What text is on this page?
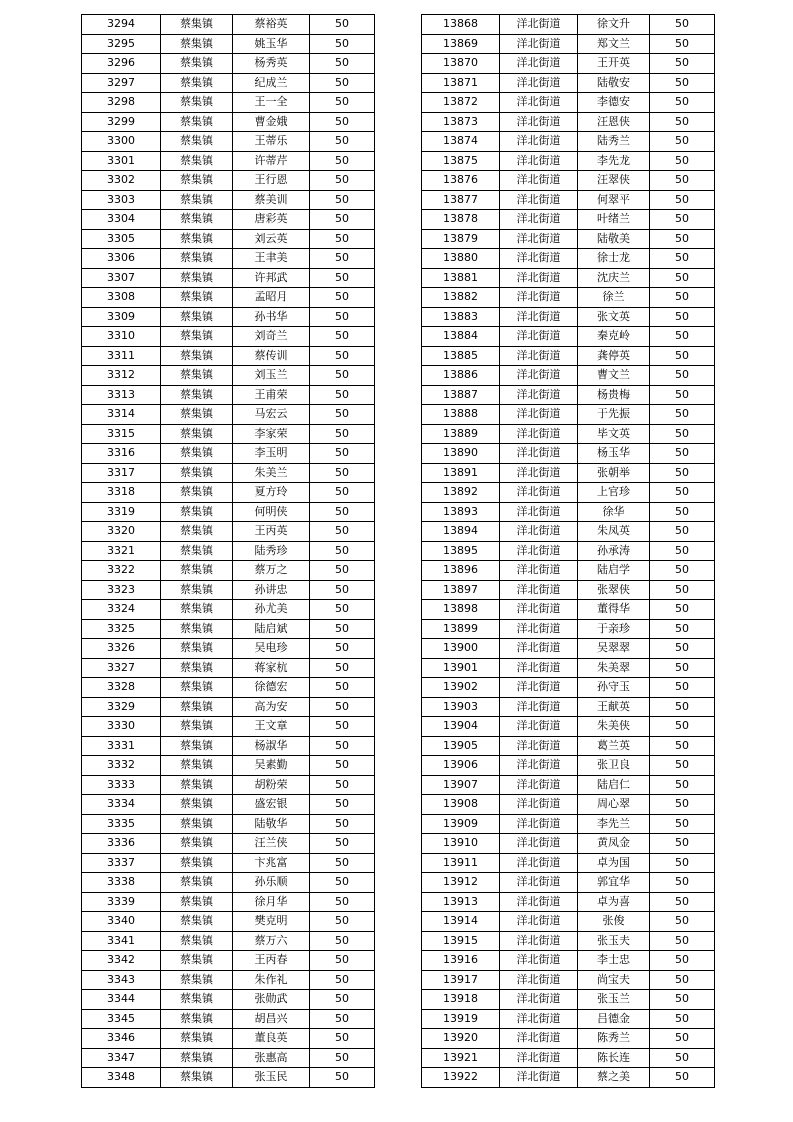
3294	蔡集镇	蔡裕英	50
3295	蔡集镇	姚玉华	50
3296	蔡集镇	杨秀英	50
3297	蔡集镇	纪成兰	50
3298	蔡集镇	王一全	50
3299	蔡集镇	曹金娥	50
3300	蔡集镇	王蒂乐	50
3301	蔡集镇	许蒂芹	50
3302	蔡集镇	王行恩	50
3303	蔡集镇	蔡美训	50
3304	蔡集镇	唐彩英	50
3305	蔡集镇	刘云英	50
3306	蔡集镇	王聿美	50
3307	蔡集镇	许邦武	50
3308	蔡集镇	孟昭月	50
3309	蔡集镇	孙书华	50
3310	蔡集镇	刘奇兰	50
3311	蔡集镇	蔡传训	50
3312	蔡集镇	刘玉兰	50
3313	蔡集镇	王甫荣	50
3314	蔡集镇	马宏云	50
3315	蔡集镇	李家荣	50
3316	蔡集镇	李玉明	50
3317	蔡集镇	朱美兰	50
3318	蔡集镇	夏方玲	50
3319	蔡集镇	何明侠	50
3320	蔡集镇	王丙英	50
3321	蔡集镇	陆秀珍	50
3322	蔡集镇	蔡万之	50
3323	蔡集镇	孙讲忠	50
3324	蔡集镇	孙尤美	50
3325	蔡集镇	陆启斌	50
3326	蔡集镇	吴电珍	50
3327	蔡集镇	蒋家杭	50
3328	蔡集镇	徐德宏	50
3329	蔡集镇	高为安	50
3330	蔡集镇	王文章	50
3331	蔡集镇	杨淑华	50
3332	蔡集镇	吴素勤	50
3333	蔡集镇	胡粉荣	50
3334	蔡集镇	盛宏银	50
3335	蔡集镇	陆敬华	50
3336	蔡集镇	汪兰侠	50
3337	蔡集镇	卞兆富	50
3338	蔡集镇	孙乐顺	50
3339	蔡集镇	徐月华	50
3340	蔡集镇	樊克明	50
3341	蔡集镇	蔡万六	50
3342	蔡集镇	王丙春	50
3343	蔡集镇	朱作礼	50
3344	蔡集镇	张勋武	50
3345	蔡集镇	胡昌兴	50
3346	蔡集镇	董良英	50
3347	蔡集镇	张惠高	50
3348	蔡集镇	张玉民	50
13868	洋北街道	徐文升	50
13869	洋北街道	郑文兰	50
13870	洋北街道	王开英	50
13871	洋北街道	陆敬安	50
13872	洋北街道	李德安	50
13873	洋北街道	汪恩侠	50
13874	洋北街道	陆秀兰	50
13875	洋北街道	李先龙	50
13876	洋北街道	汪翠侠	50
13877	洋北街道	何翠平	50
13878	洋北街道	叶绪兰	50
13879	洋北街道	陆敬美	50
13880	洋北街道	徐士龙	50
13881	洋北街道	沈庆兰	50
13882	洋北街道	徐兰	50
13883	洋北街道	张文英	50
13884	洋北街道	秦克岭	50
13885	洋北街道	龚停英	50
13886	洋北街道	曹文兰	50
13887	洋北街道	杨贵梅	50
13888	洋北街道	于先振	50
13889	洋北街道	毕文英	50
13890	洋北街道	杨玉华	50
13891	洋北街道	张朝举	50
13892	洋北街道	上官珍	50
13893	洋北街道	徐华	50
13894	洋北街道	朱凤英	50
13895	洋北街道	孙承涛	50
13896	洋北街道	陆启学	50
13897	洋北街道	张翠侠	50
13898	洋北街道	董得华	50
13899	洋北街道	于亲珍	50
13900	洋北街道	吴翠翠	50
13901	洋北街道	朱美翠	50
13902	洋北街道	孙守玉	50
13903	洋北街道	王献英	50
13904	洋北街道	朱美侠	50
13905	洋北街道	葛兰英	50
13906	洋北街道	张卫良	50
13907	洋北街道	陆启仁	50
13908	洋北街道	周心翠	50
13909	洋北街道	李先兰	50
13910	洋北街道	黄凤金	50
13911	洋北街道	卓为国	50
13912	洋北街道	郭宜华	50
13913	洋北街道	卓为喜	50
13914	洋北街道	张俊	50
13915	洋北街道	张玉夫	50
13916	洋北街道	李士忠	50
13917	洋北街道	尚宝夫	50
13918	洋北街道	张玉兰	50
13919	洋北街道	吕德金	50
13920	洋北街道	陈秀兰	50
13921	洋北街道	陈长连	50
13922	洋北街道	蔡之美	50
